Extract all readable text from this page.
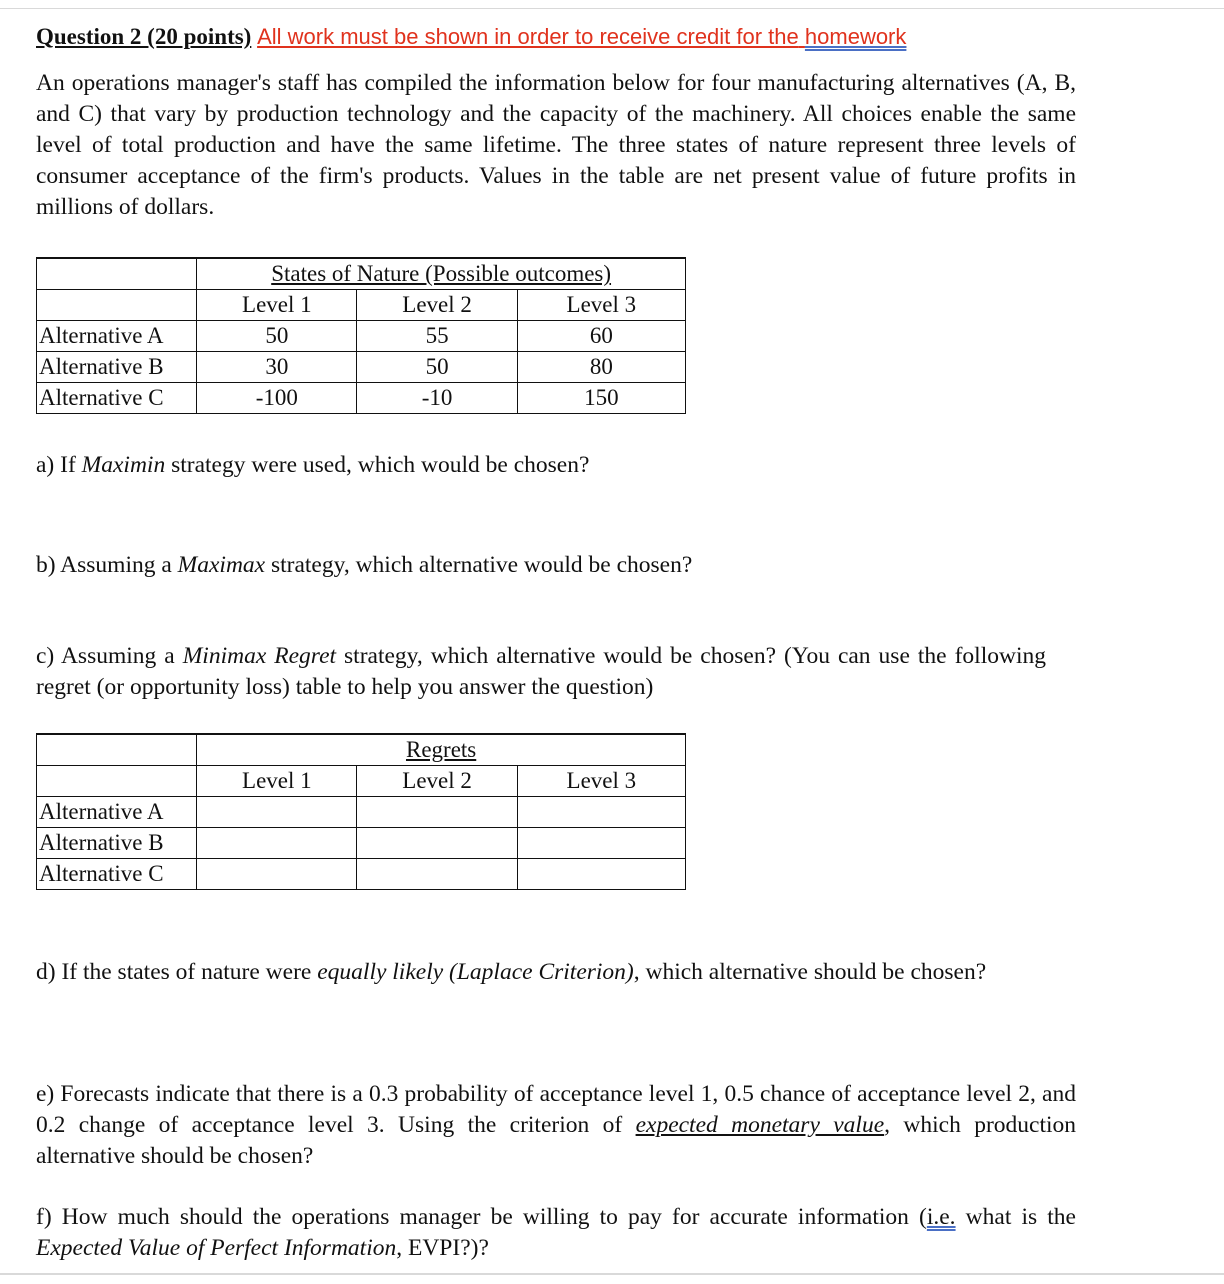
Question 2 (20 points) All work must be shown in order to receive credit for the homework

An operations manager's staff has compiled the information below for four manufacturing alternatives (A, B, and C) that vary by production technology and the capacity of the machinery. All choices enable the same level of total production and have the same lifetime. The three states of nature represent three levels of consumer acceptance of the firm's products. Values in the table are net present value of future profits in millions of dollars.

	States of Nature (Possible outcomes)		
	Level 1	Level 2	Level 3
Alternative A	50	55	60
Alternative B	30	50	80
Alternative C	-100	-10	150

a) If Maximin strategy were used, which would be chosen?

b) Assuming a Maximax strategy, which alternative would be chosen?

c) Assuming a Minimax Regret strategy, which alternative would be chosen? (You can use the following regret (or opportunity loss) table to help you answer the question)

	Regrets		
	Level 1	Level 2	Level 3
Alternative A			
Alternative B			
Alternative C			

d) If the states of nature were equally likely (Laplace Criterion), which alternative should be chosen?

e) Forecasts indicate that there is a 0.3 probability of acceptance level 1, 0.5 chance of acceptance level 2, and 0.2 change of acceptance level 3. Using the criterion of expected monetary value, which production alternative should be chosen?

f) How much should the operations manager be willing to pay for accurate information (i.e. what is the Expected Value of Perfect Information, EVPI?)?
